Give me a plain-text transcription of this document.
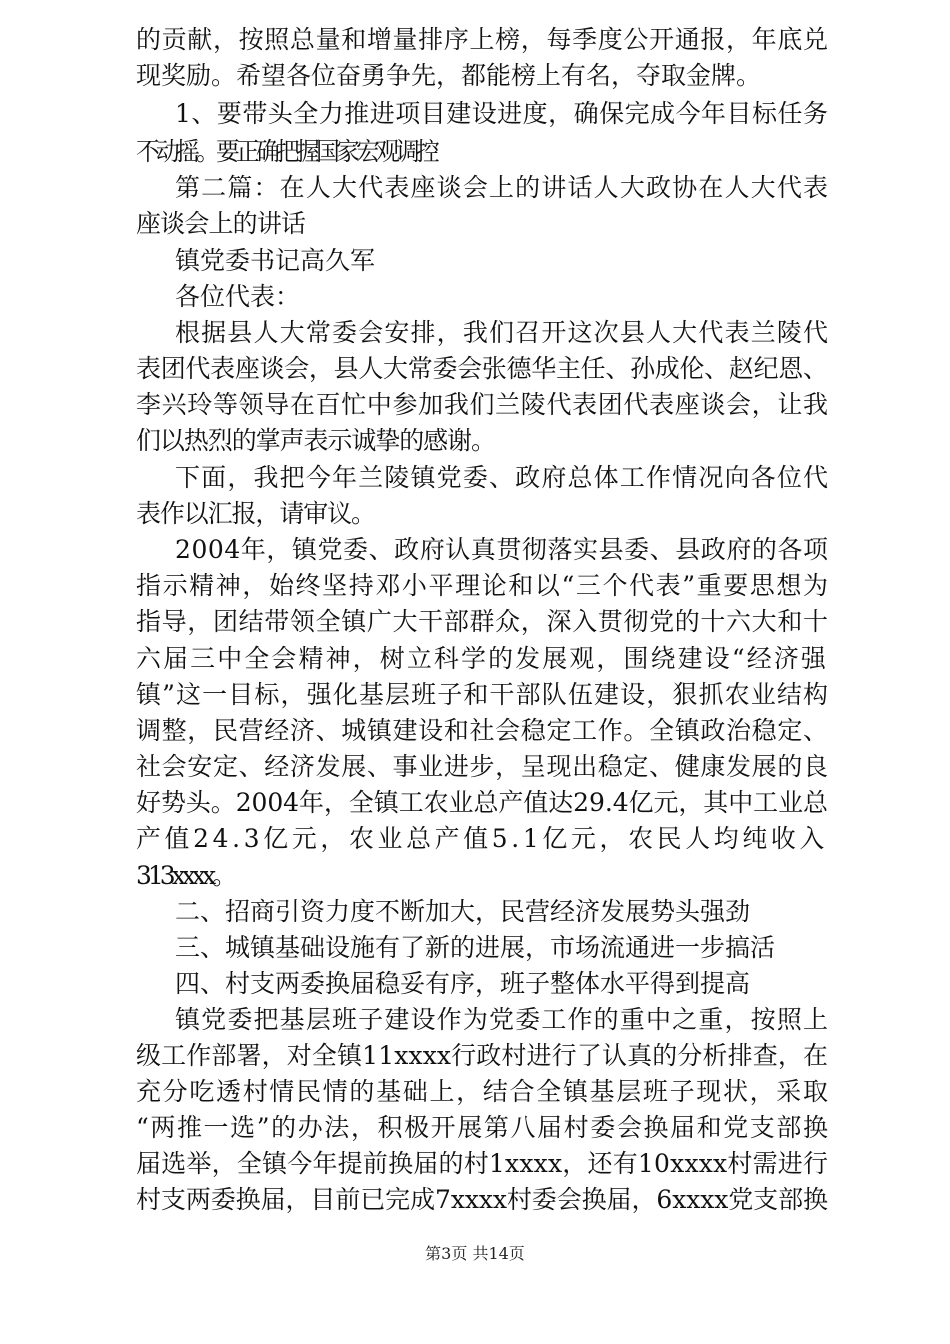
的贡献，按照总量和增量排序上榜，每季度公开通报，年底兑
现奖励。希望各位奋勇争先，都能榜上有名，夺取金牌。
1、要带头全力推进项目建设进度，确保完成今年目标任务
不动摇。要正确把握国家宏观调控
第二篇：在人大代表座谈会上的讲话人大政协在人大代表
座谈会上的讲话
镇党委书记高久军
各位代表：
根据县人大常委会安排，我们召开这次县人大代表兰陵代
表团代表座谈会，县人大常委会张德华主任、孙成伦、赵纪恩、
李兴玲等领导在百忙中参加我们兰陵代表团代表座谈会，让我
们以热烈的掌声表示诚挚的感谢。
下面，我把今年兰陵镇党委、政府总体工作情况向各位代
表作以汇报，请审议。
2004年，镇党委、政府认真贯彻落实县委、县政府的各项
指示精神，始终坚持邓小平理论和以“三个代表”重要思想为
指导，团结带领全镇广大干部群众，深入贯彻党的十六大和十
六届三中全会精神，树立科学的发展观，围绕建设“经济强
镇”这一目标，强化基层班子和干部队伍建设，狠抓农业结构
调整，民营经济、城镇建设和社会稳定工作。全镇政治稳定、
社会安定、经济发展、事业进步，呈现出稳定、健康发展的良
好势头。2004年，全镇工农业总产值达29.4亿元，其中工业总
产值24.3亿元，农业总产值5.1亿元，农民人均纯收入
313xxxx。
二、招商引资力度不断加大，民营经济发展势头强劲
三、城镇基础设施有了新的进展，市场流通进一步搞活
四、村支两委换届稳妥有序，班子整体水平得到提高
镇党委把基层班子建设作为党委工作的重中之重，按照上
级工作部署，对全镇11xxxx行政村进行了认真的分析排查，在
充分吃透村情民情的基础上，结合全镇基层班子现状，采取
“两推一选”的办法，积极开展第八届村委会换届和党支部换
届选举，全镇今年提前换届的村1xxxx，还有10xxxx村需进行
村支两委换届，目前已完成7xxxx村委会换届，6xxxx党支部换
第3页 共14页
